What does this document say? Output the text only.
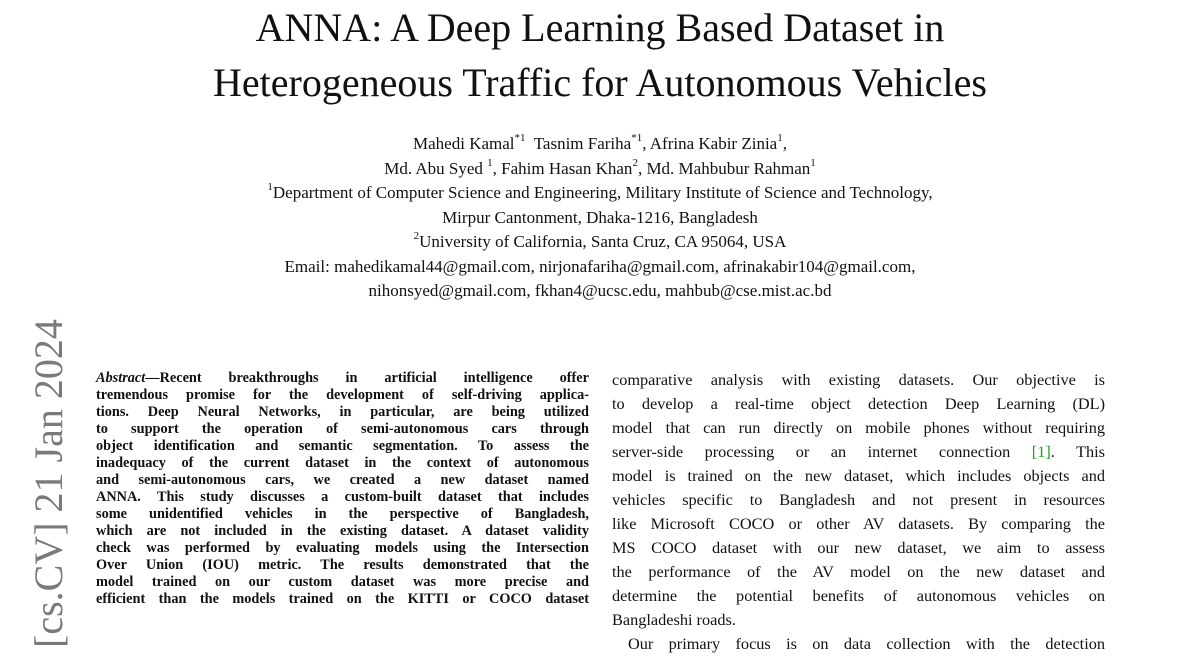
ANNA: A Deep Learning Based Dataset in
Heterogeneous Traffic for Autonomous Vehicles
Mahedi Kamal$^{*1}$ Tasnim Fariha$^{*1}$, Afrina Kabir Zinia$^1$,
Md. Abu Syed $^1$, Fahim Hasan Khan$^2$, Md. Mahbubur Rahman$^1$
$^1$Department of Computer Science and Engineering, Military Institute of Science and Technology,
Mirpur Cantonment, Dhaka-1216, Bangladesh
$^2$University of California, Santa Cruz, CA 95064, USA
Email: mahedikamal44@gmail.com, nirjonafariha@gmail.com, afrinakabir104@gmail.com,
nihonsyed@gmail.com, fkhan4@ucsc.edu, mahbub@cse.mist.ac.bd
[cs.CV] 21 Jan 2024 Abstract—Recent breakthroughs in artificial intelligence offer
tremendous promise for the development of self-driving applica-
tions. Deep Neural Networks, in particular, are being utilized
to support the operation of semi-autonomous cars through
object identification and semantic segmentation. To assess the
inadequacy of the current dataset in the context of autonomous
and semi-autonomous cars, we created a new dataset named
ANNA. This study discusses a custom-built dataset that includes
some unidentified vehicles in the perspective of Bangladesh,
which are not included in the existing dataset. A dataset validity
check was performed by evaluating models using the Intersection
Over Union (IOU) metric. The results demonstrated that the
model trained on our custom dataset was more precise and
efficient than the models trained on the KITTI or COCO dataset
comparative analysis with existing datasets. Our objective is
to develop a real-time object detection Deep Learning (DL)
model that can run directly on mobile phones without requiring
server-side processing or an internet connection [1]. This
model is trained on the new dataset, which includes objects and
vehicles specific to Bangladesh and not present in resources
like Microsoft COCO or other AV datasets. By comparing the
MS COCO dataset with our new dataset, we aim to assess
the performance of the AV model on the new dataset and
determine the potential benefits of autonomous vehicles on
Bangladeshi roads.
Our primary focus is on data collection with the detection
